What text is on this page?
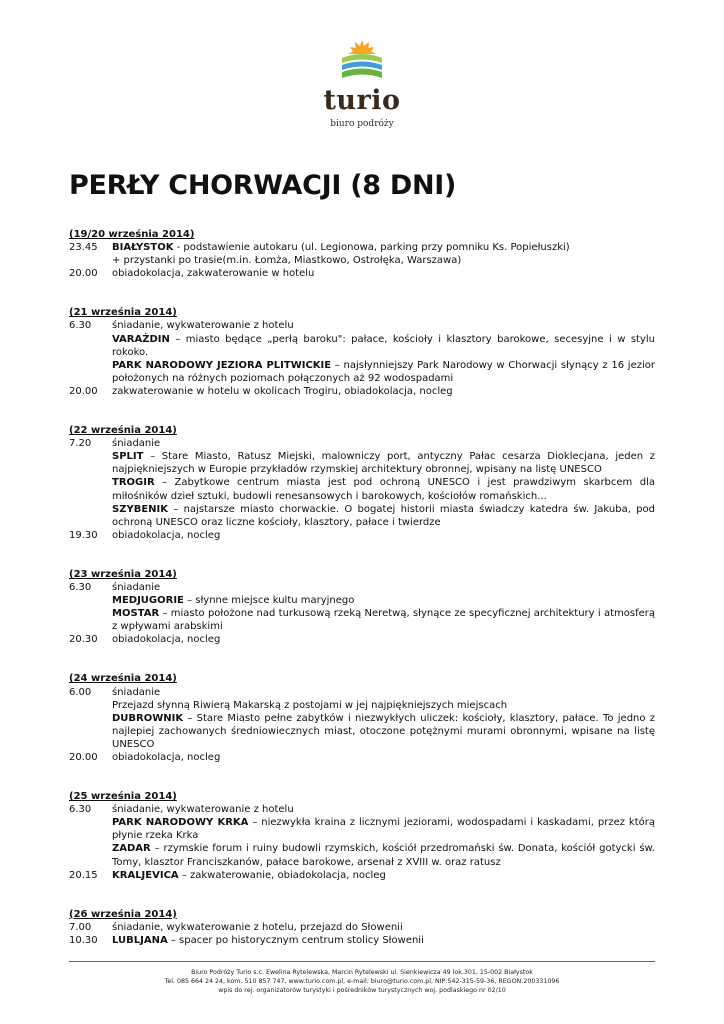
turio
biuro podróży
PERŁY CHORWACJI (8 DNI)
(19/20 września 2014)
23.45	BIAŁYSTOK - podstawienie autokaru (ul. Legionowa, parking przy pomniku Ks. Popiełuszki)
+ przystanki po trasie(m.in. Łomża, Miastkowo, Ostrołęka, Warszawa)
20.00	obiadokolacja, zakwaterowanie w hotelu
(21 września 2014)
6.30	śniadanie, wykwaterowanie z hotelu
VARAŻDIN – miasto będące „perłą baroku": pałace, kościoły i klasztory barokowe, secesyjne i w stylu rokoko.
PARK NARODOWY JEZIORA PLITWICKIE – najsłynniejszy Park Narodowy w Chorwacji słynący z 16 jezior położonych na różnych poziomach połączonych aż 92 wodospadami
20.00	zakwaterowanie w hotelu w okolicach Trogiru, obiadokolacja, nocleg
(22 września 2014)
7.20	śniadanie
SPLIT – Stare Miasto, Ratusz Miejski, malowniczy port, antyczny Pałac cesarza Dioklecjana, jeden z najpiękniejszych w Europie przykładów rzymskiej architektury obronnej, wpisany na listę UNESCO
TROGIR – Zabytkowe centrum miasta jest pod ochroną UNESCO i jest prawdziwym skarbcem dla miłośników dzieł sztuki, budowli renesansowych i barokowych, kościołów romańskich...
SZYBENIK – najstarsze miasto chorwackie. O bogatej historii miasta świadczy katedra św. Jakuba, pod ochroną UNESCO oraz liczne kościoły, klasztory, pałace i twierdze
19.30	obiadokolacja, nocleg
(23 września 2014)
6.30	śniadanie
MEDJUGORIE – słynne miejsce kultu maryjnego
MOSTAR – miasto położone nad turkusową rzeką Neretwą, słynące ze specyficznej architektury i atmosferą z wpływami arabskimi
20.30	obiadokolacja, nocleg
(24 września 2014)
6.00	śniadanie
Przejazd słynną Riwierą Makarską z postojami w jej najpiękniejszych miejscach
DUBROWNIK – Stare Miasto pełne zabytków i niezwykłych uliczek: kościoły, klasztory, pałace. To jedno z najlepiej zachowanych średniowiecznych miast, otoczone potężnymi murami obronnymi, wpisane na listę UNESCO
20.00	obiadokolacja, nocleg
(25 września 2014)
6.30	śniadanie, wykwaterowanie z hotelu
PARK NARODOWY KRKA – niezwykła kraina z licznymi jeziorami, wodospadami i kaskadami, przez którą płynie rzeka Krka
ZADAR – rzymskie forum i ruiny budowli rzymskich, kościół przedromański św. Donata, kościół gotycki św. Tomy, klasztor Franciszkanów, pałace barokowe, arsenał z XVIII w. oraz ratusz
20.15	KRALJEVICA – zakwaterowanie, obiadokolacja, nocleg
(26 września 2014)
7.00	śniadanie, wykwaterowanie z hotelu, przejazd do Słowenii
10.30	LUBLJANA – spacer po historycznym centrum stolicy Słowenii
Biuro Podróży Turio s.c. Ewelina Rytelewska, Marcin Rytelewski ul. Sienkiewicza 49 lok.301, 15-002 Białystok
Tel. 085 664 24 24, kom. 510 857 747, www.turio.com.pl, e-mail: biuro@turio.com.pl, NIP:542-315-59-36, REGON:200331096
wpis do rej. organizatorów turystyki i pośredników turystycznych woj. podlaskiego nr 02/10
